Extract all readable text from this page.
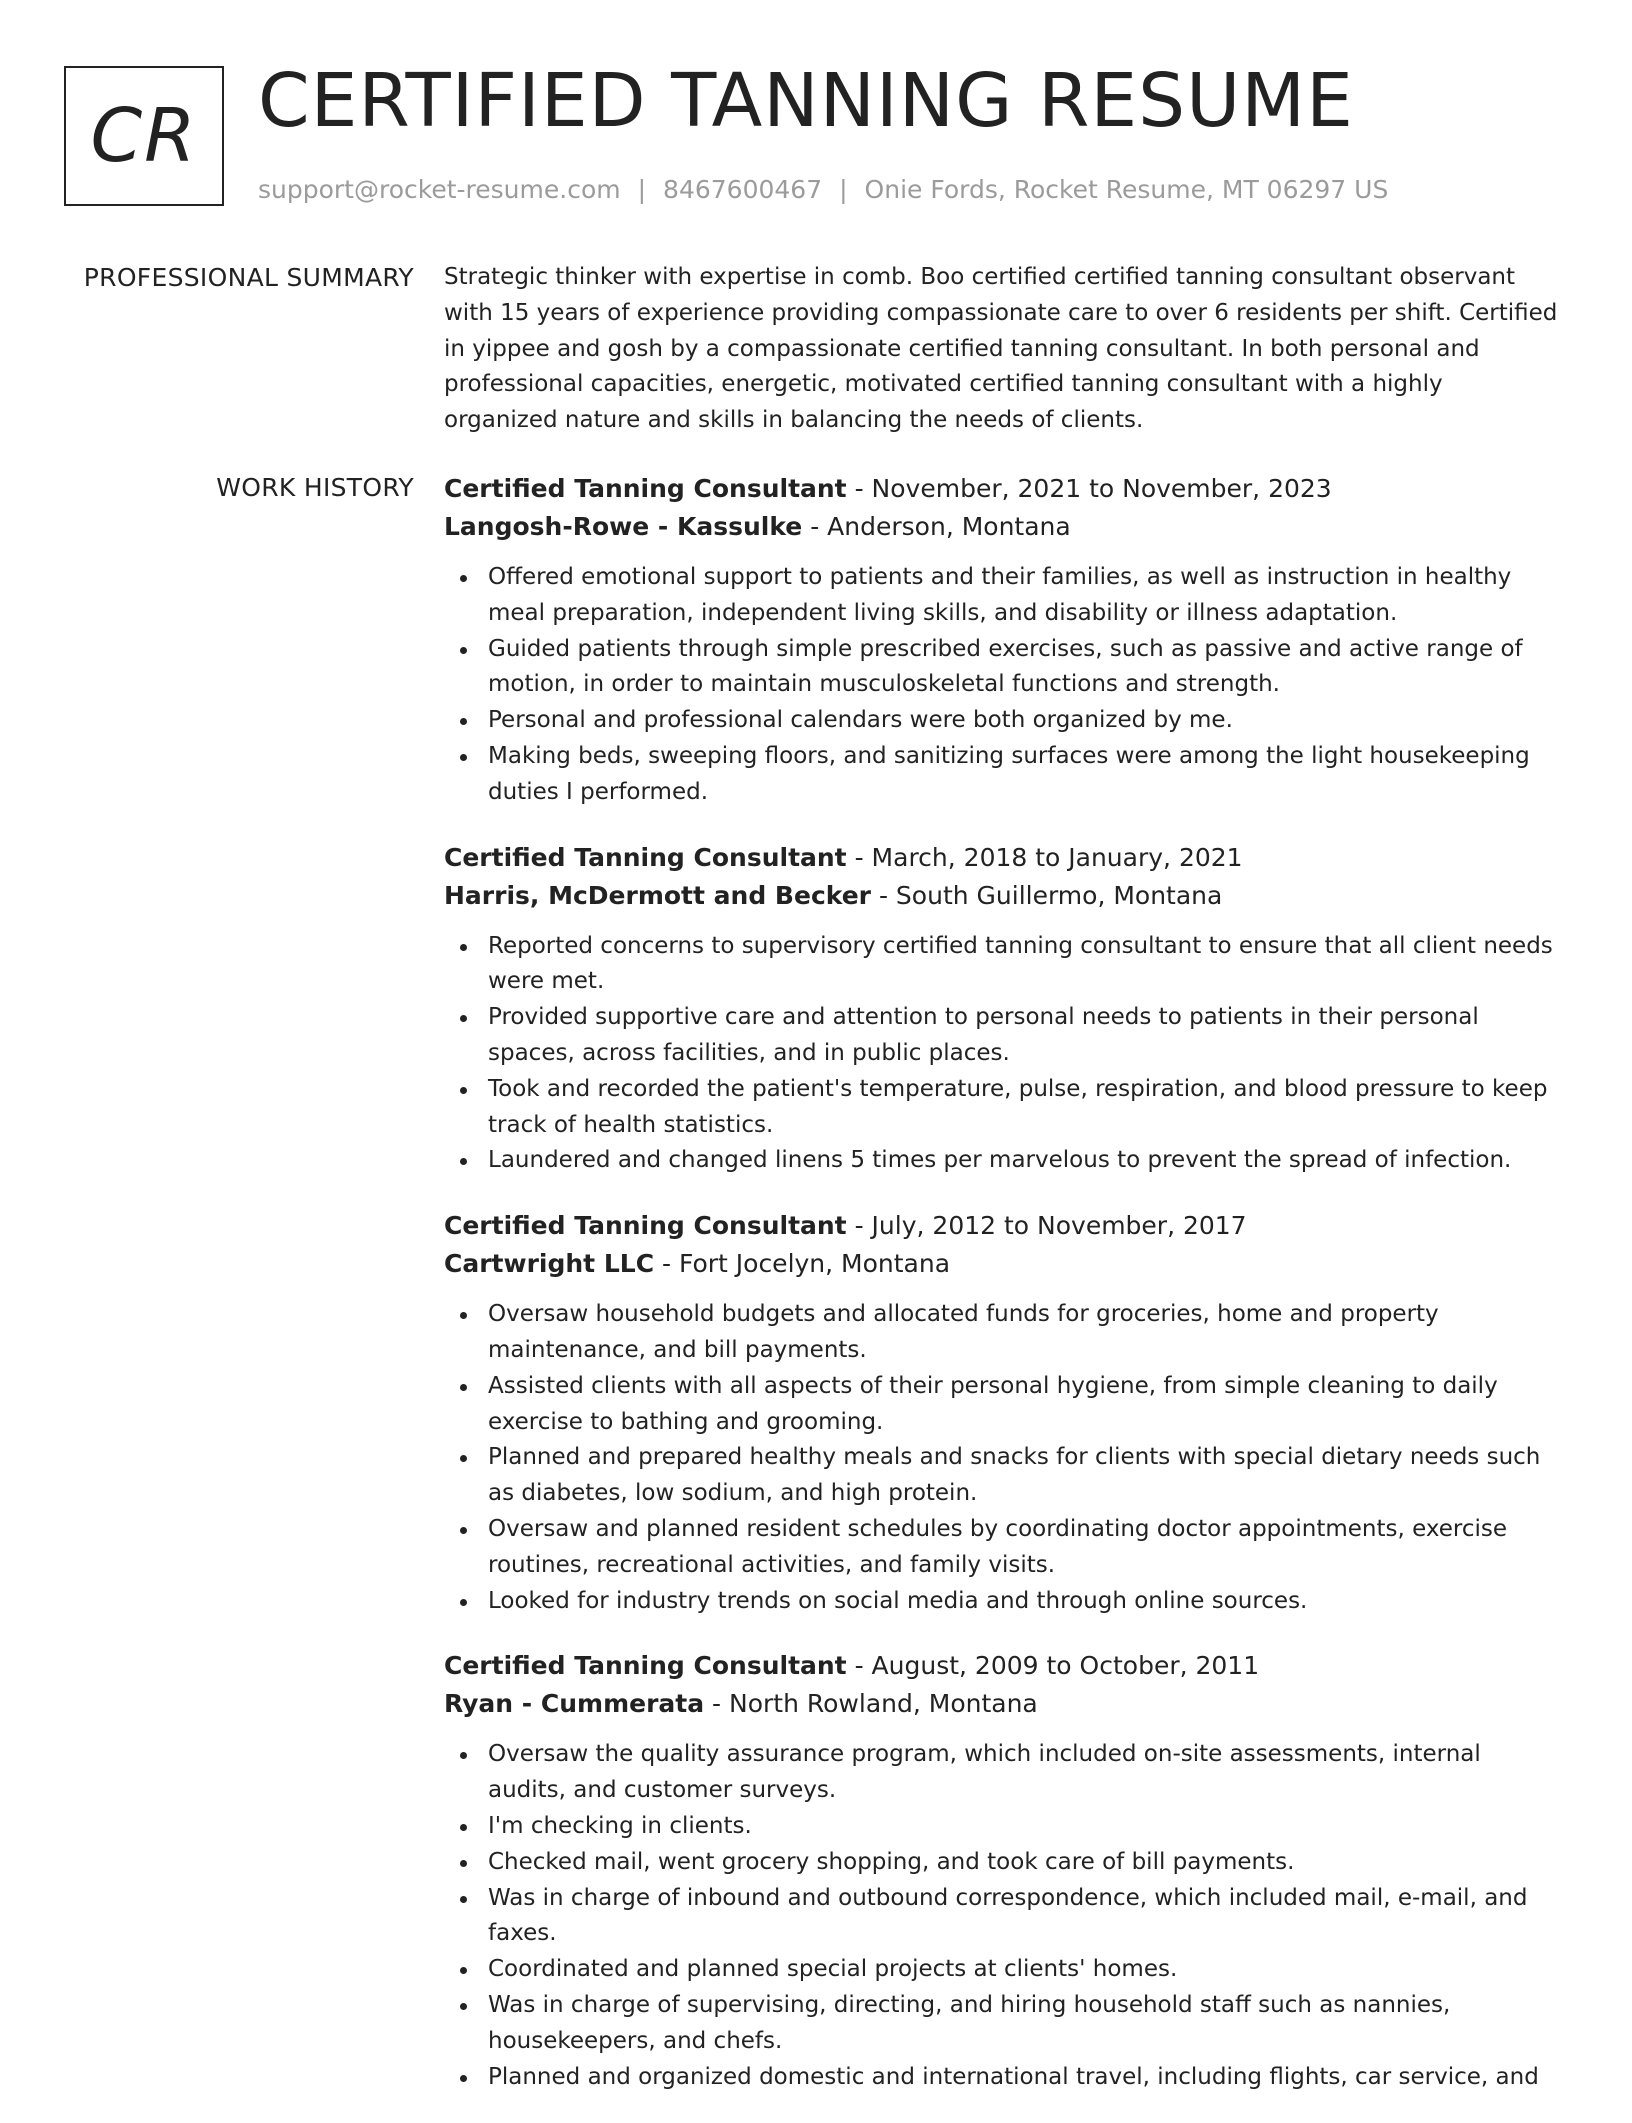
CR CERTIFIED TANNING RESUME
support@rocket-resume.com | 8467600467 | Onie Fords, Rocket Resume, MT 06297 US
PROFESSIONAL SUMMARY Strategic thinker with expertise in comb. Boo certified certified tanning consultant observant with 15 years of experience providing compassionate care to over 6 residents per shift. Certified in yippee and gosh by a compassionate certified tanning consultant. In both personal and professional capacities, energetic, motivated certified tanning consultant with a highly organized nature and skills in balancing the needs of clients.

WORK HISTORY Certified Tanning Consultant - November, 2021 to November, 2023
Langosh-Rowe - Kassulke - Anderson, Montana
Offered emotional support to patients and their families, as well as instruction in healthy meal preparation, independent living skills, and disability or illness adaptation.
Guided patients through simple prescribed exercises, such as passive and active range of motion, in order to maintain musculoskeletal functions and strength.
Personal and professional calendars were both organized by me.
Making beds, sweeping floors, and sanitizing surfaces were among the light housekeeping duties I performed.
Certified Tanning Consultant - March, 2018 to January, 2021
Harris, McDermott and Becker - South Guillermo, Montana
Reported concerns to supervisory certified tanning consultant to ensure that all client needs were met.
Provided supportive care and attention to personal needs to patients in their personal spaces, across facilities, and in public places.
Took and recorded the patient's temperature, pulse, respiration, and blood pressure to keep track of health statistics.
Laundered and changed linens 5 times per marvelous to prevent the spread of infection.
Certified Tanning Consultant - July, 2012 to November, 2017
Cartwright LLC - Fort Jocelyn, Montana
Oversaw household budgets and allocated funds for groceries, home and property maintenance, and bill payments.
Assisted clients with all aspects of their personal hygiene, from simple cleaning to daily exercise to bathing and grooming.
Planned and prepared healthy meals and snacks for clients with special dietary needs such as diabetes, low sodium, and high protein.
Oversaw and planned resident schedules by coordinating doctor appointments, exercise routines, recreational activities, and family visits.
Looked for industry trends on social media and through online sources.
Certified Tanning Consultant - August, 2009 to October, 2011
Ryan - Cummerata - North Rowland, Montana
Oversaw the quality assurance program, which included on-site assessments, internal audits, and customer surveys.
I'm checking in clients.
Checked mail, went grocery shopping, and took care of bill payments.
Was in charge of inbound and outbound correspondence, which included mail, e-mail, and faxes.
Coordinated and planned special projects at clients' homes.
Was in charge of supervising, directing, and hiring household staff such as nannies, housekeepers, and chefs.
Planned and organized domestic and international travel, including flights, car service, and
